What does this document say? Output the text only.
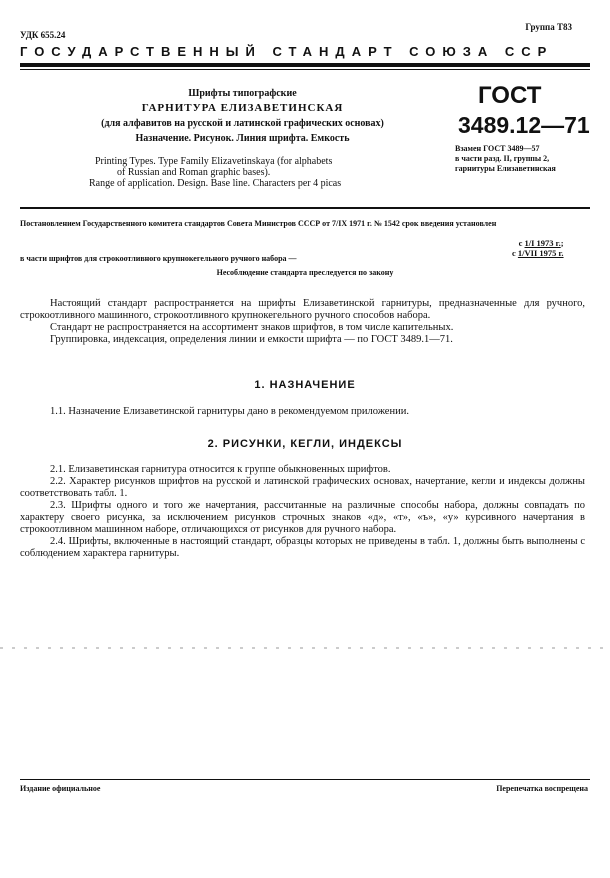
УДК 655.24
Группа Т83
ГОСУДАРСТВЕННЫЙ СТАНДАРТ СОЮЗА ССР
Шрифты типографские
ГАРНИТУРА ЕЛИЗАВЕТИНСКАЯ
(для алфавитов на русской и латинской графических основах)
Назначение. Рисунок. Линия шрифта. Емкость
Printing Types. Type Family Elizavetinskaya (for alphabets
of Russian and Roman graphic bases).
Range of application. Design. Base line. Characters per 4 picas
ГОСТ
3489.12—71
Взамен ГОСТ 3489—57
в части разд. II, группы 2,
гарнитуры Елизаветинская
Постановлением Государственного комитета стандартов Совета Министров СССР от 7/IX 1971 г. № 1542 срок введения установлен
с 1/I 1973 г.;
с 1/VII 1975 г.
в части шрифтов для строкоотливного крупнокегельного ручного набора —
Несоблюдение стандарта преследуется по закону
Настоящий стандарт распространяется на шрифты Елизаветинской гарнитуры, предназначенные для ручного, строкоотливного машинного, строкоотливного крупнокегельного ручного способов набора.
Стандарт не распространяется на ассортимент знаков шрифтов, в том числе капительных.
Группировка, индексация, определения линии и емкости шрифта — по ГОСТ 3489.1—71.
1. НАЗНАЧЕНИЕ
1.1. Назначение Елизаветинской гарнитуры дано в рекомендуемом приложении.
2. РИСУНКИ, КЕГЛИ, ИНДЕКСЫ
2.1. Елизаветинская гарнитура относится к группе обыкновенных шрифтов.
2.2. Характер рисунков шрифтов на русской и латинской графических основах, начертание, кегли и индексы должны соответствовать табл. 1.
2.3. Шрифты одного и того же начертания, рассчитанные на различные способы набора, должны совпадать по характеру своего рисунка, за исключением рисунков строчных знаков «д», «т», «ъ», «у» курсивного начертания в строкоотливном машинном наборе, отличающихся от рисунков для ручного набора.
2.4. Шрифты, включенные в настоящий стандарт, образцы которых не приведены в табл. 1, должны быть выполнены с соблюдением характера гарнитуры.
Издание официальное	Перепечатка воспрещена
